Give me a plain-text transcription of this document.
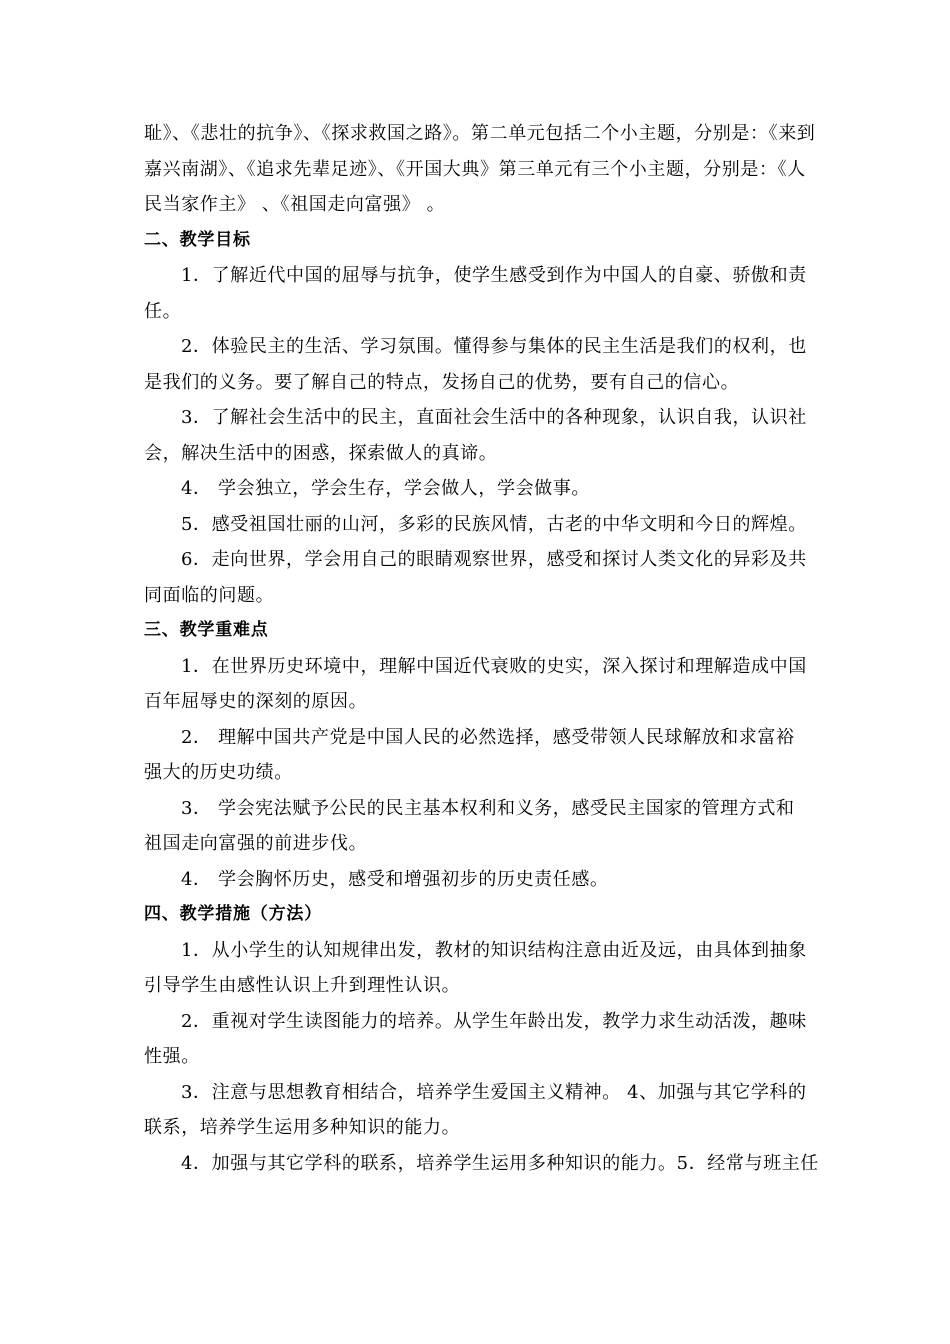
耻》、《悲壮的抗争》、《探求救国之路》。第二单元包括二个小主题，分别是：《来到
嘉兴南湖》、《追求先辈足迹》、《开国大典》第三单元有三个小主题，分别是：《人
民当家作主》 、《祖国走向富强》 。
二、教学目标
1．了解近代中国的屈辱与抗争，使学生感受到作为中国人的自豪、骄傲和责
任。
2．体验民主的生活、学习氛围。懂得参与集体的民主生活是我们的权利，也
是我们的义务。要了解自己的特点，发扬自己的优势，要有自己的信心。
3．了解社会生活中的民主，直面社会生活中的各种现象，认识自我，认识社
会，解决生活中的困惑，探索做人的真谛。
4． 学会独立，学会生存，学会做人，学会做事。
5．感受祖国壮丽的山河，多彩的民族风情，古老的中华文明和今日的辉煌。
6．走向世界，学会用自己的眼睛观察世界，感受和探讨人类文化的异彩及共
同面临的问题。
三、教学重难点
1．在世界历史环境中，理解中国近代衰败的史实，深入探讨和理解造成中国
百年屈辱史的深刻的原因。
2． 理解中国共产党是中国人民的必然选择，感受带领人民球解放和求富裕
强大的历史功绩。
3． 学会宪法赋予公民的民主基本权利和义务，感受民主国家的管理方式和
祖国走向富强的前进步伐。
4． 学会胸怀历史，感受和增强初步的历史责任感。
四、教学措施（方法）
1．从小学生的认知规律出发，教材的知识结构注意由近及远，由具体到抽象
引导学生由感性认识上升到理性认识。
2．重视对学生读图能力的培养。从学生年龄出发，教学力求生动活泼，趣味
性强。
3．注意与思想教育相结合，培养学生爱国主义精神。 4、加强与其它学科的
联系，培养学生运用多种知识的能力。
4．加强与其它学科的联系，培养学生运用多种知识的能力。5．经常与班主任
